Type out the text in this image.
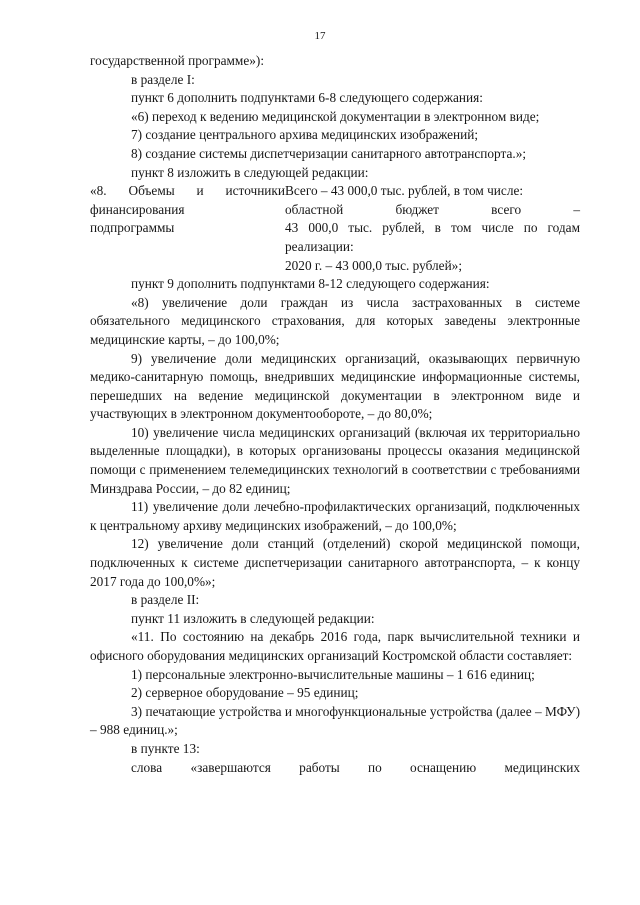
17

государственной программе»):

в разделе I:

пункт 6 дополнить подпунктами 6-8 следующего содержания:

«6) переход к ведению медицинской документации в электронном виде;

7) создание центрального архива медицинских изображений;

8) создание системы диспетчеризации санитарного автотранспорта.»;

пункт 8 изложить в следующей редакции:

«8. Объемы и источники
финансирования
подпрограммы
Всего – 43 000,0 тыс. рублей, в том числе:
областной бюджет всего –
43 000,0 тыс. рублей, в том числе по годам реализации:
2020 г. – 43 000,0 тыс. рублей»;

пункт 9 дополнить подпунктами 8-12 следующего содержания:

«8) увеличение доли граждан из числа застрахованных в системе обязательного медицинского страхования, для которых заведены электронные медицинские карты, – до 100,0%;

9) увеличение доли медицинских организаций, оказывающих первичную медико-санитарную помощь, внедривших медицинские информационные системы, перешедших на ведение медицинской документации в электронном виде и участвующих в электронном документообороте, – до 80,0%;

10) увеличение числа медицинских организаций (включая их территориально выделенные площадки), в которых организованы процессы оказания медицинской помощи с применением телемедицинских технологий в соответствии с требованиями Минздрава России, – до 82 единиц;

11) увеличение доли лечебно-профилактических организаций, подключенных к центральному архиву медицинских изображений, – до 100,0%;

12) увеличение доли станций (отделений) скорой медицинской помощи, подключенных к системе диспетчеризации санитарного автотранспорта, – к концу 2017 года до 100,0%»;

в разделе II:

пункт 11 изложить в следующей редакции:

«11. По состоянию на декабрь 2016 года, парк вычислительной техники и офисного оборудования медицинских организаций Костромской области составляет:

1) персональные электронно-вычислительные машины – 1 616 единиц;

2) серверное оборудование – 95 единиц;

3) печатающие устройства и многофункциональные устройства (далее – МФУ) – 988 единиц.»;

в пункте 13:

слова «завершаются работы по оснащению медицинских
